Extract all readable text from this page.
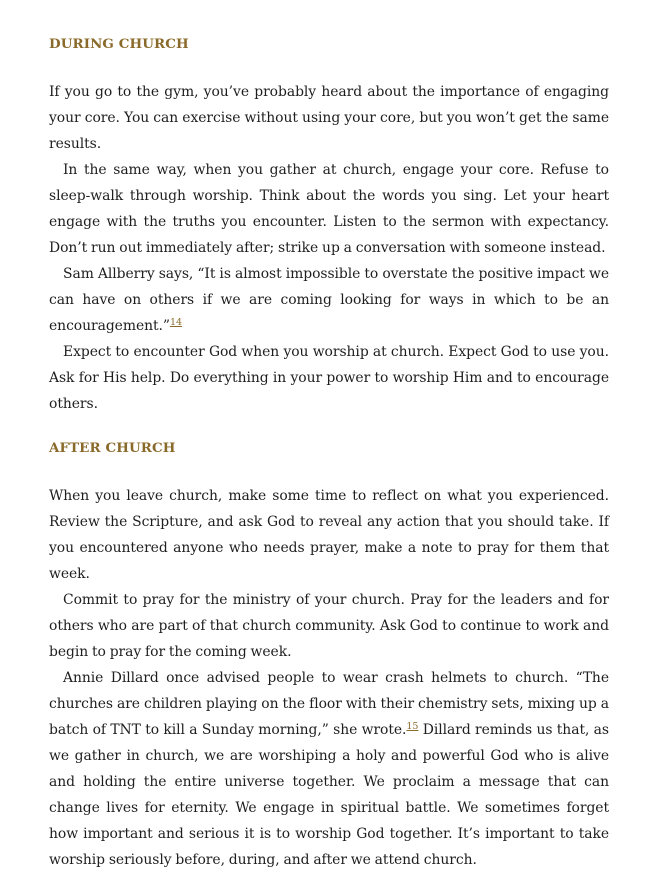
DURING CHURCH

If you go to the gym, you’ve probably heard about the importance of engaging your core. You can exercise without using your core, but you won’t get the same results.

In the same way, when you gather at church, engage your core. Refuse to sleep-walk through worship. Think about the words you sing. Let your heart engage with the truths you encounter. Listen to the sermon with expectancy. Don’t run out immediately after; strike up a conversation with someone instead.

Sam Allberry says, “It is almost impossible to overstate the positive impact we can have on others if we are coming looking for ways in which to be an encouragement.”$^{14}$

Expect to encounter God when you worship at church. Expect God to use you. Ask for His help. Do everything in your power to worship Him and to encourage others.

AFTER CHURCH

When you leave church, make some time to reflect on what you experienced. Review the Scripture, and ask God to reveal any action that you should take. If you encountered anyone who needs prayer, make a note to pray for them that week.

Commit to pray for the ministry of your church. Pray for the leaders and for others who are part of that church community. Ask God to continue to work and begin to pray for the coming week.

Annie Dillard once advised people to wear crash helmets to church. “The churches are children playing on the floor with their chemistry sets, mixing up a batch of TNT to kill a Sunday morning,” she wrote.$^{15}$ Dillard reminds us that, as we gather in church, we are worshiping a holy and powerful God who is alive and holding the entire universe together. We proclaim a message that can change lives for eternity. We engage in spiritual battle. We sometimes forget how important and serious it is to worship God together. It’s important to take worship seriously before, during, and after we attend church.
